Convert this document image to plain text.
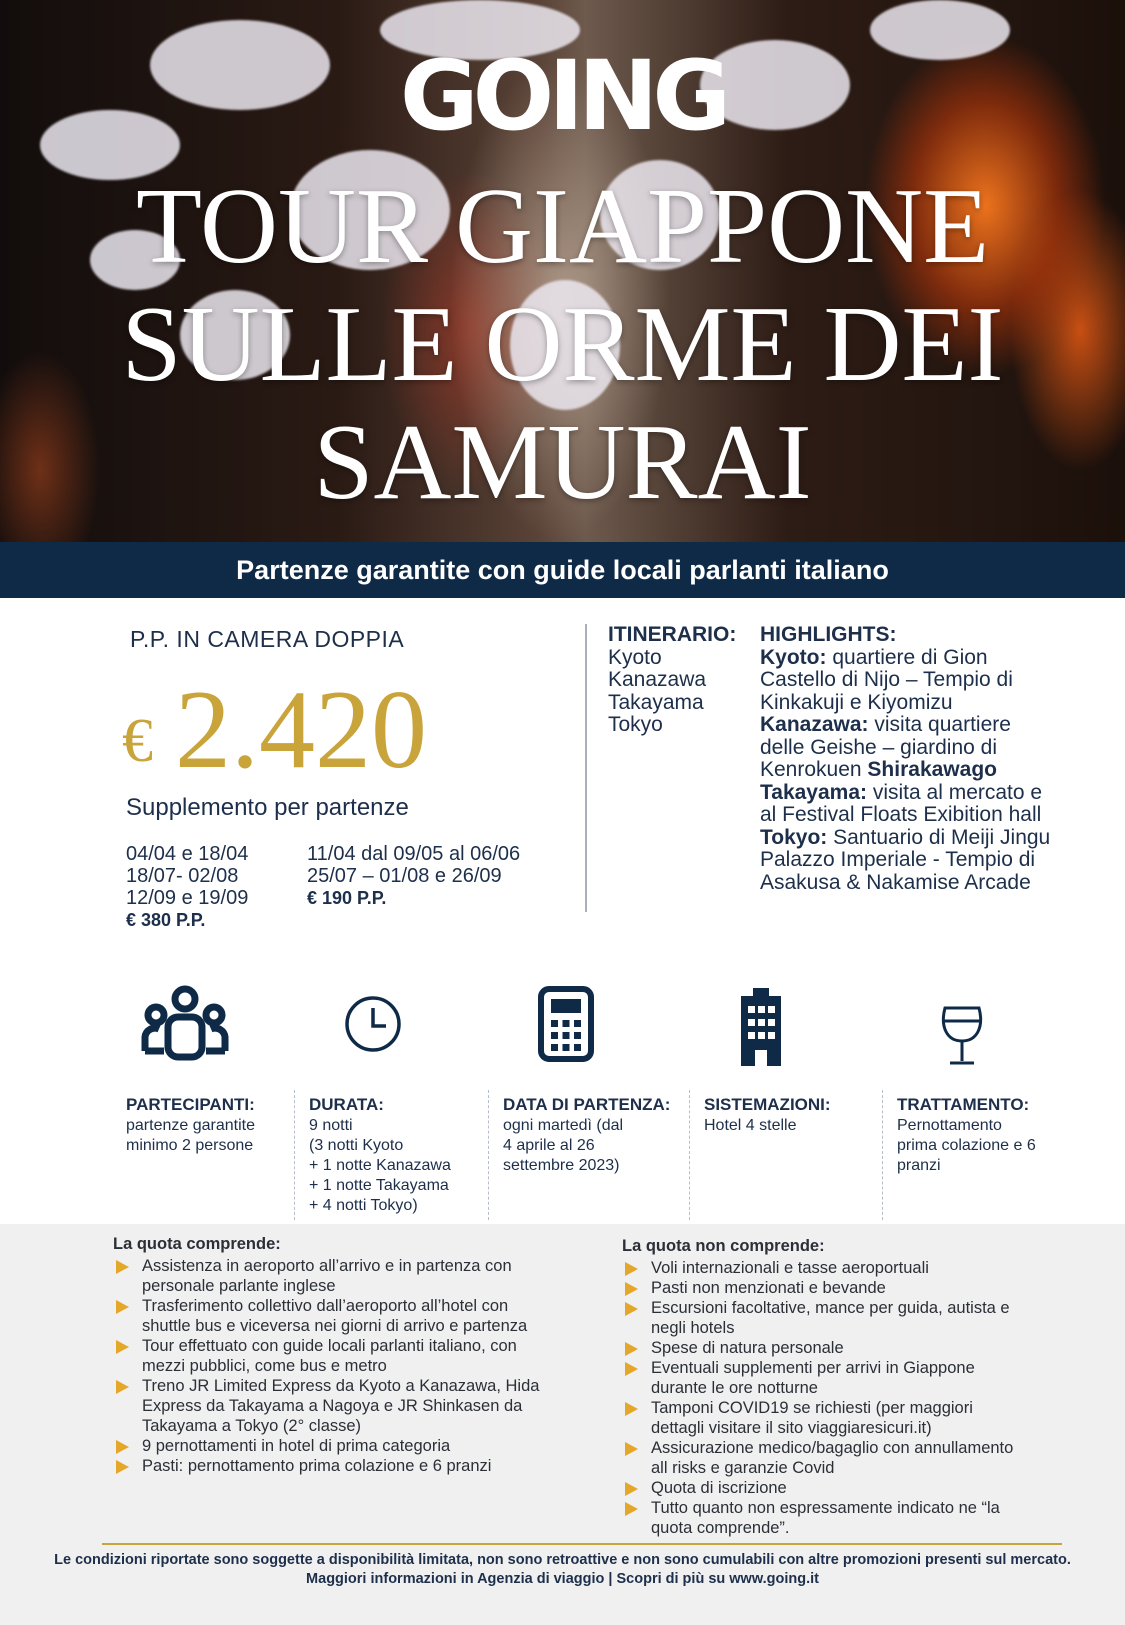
GOING
TOUR GIAPPONE
SULLE ORME DEI
SAMURAI
Partenze garantite con guide locali parlanti italiano
P.P. IN CAMERA DOPPIA
€ 2.420
Supplemento per partenze
04/04 e 18/04
18/07- 02/08
12/09 e 19/09
€ 380 P.P.
11/04 dal 09/05 al 06/06
25/07 – 01/08 e 26/09
€ 190 P.P.
ITINERARIO:
Kyoto
Kanazawa
Takayama
Tokyo
HIGHLIGHTS:
Kyoto: quartiere di Gion
Castello di Nijo – Tempio di
Kinkakuji e Kiyomizu
Kanazawa: visita quartiere
delle Geishe – giardino di
Kenrokuen Shirakawago
Takayama: visita al mercato e
al Festival Floats Exibition hall
Tokyo: Santuario di Meiji Jingu
Palazzo Imperiale - Tempio di
Asakusa & Nakamise Arcade
PARTECIPANTI:
partenze garantite
minimo 2 persone
DURATA:
9 notti
(3 notti Kyoto
+ 1 notte Kanazawa
+ 1 notte Takayama
+ 4 notti Tokyo)
DATA DI PARTENZA:
ogni martedì (dal
4 aprile al 26
settembre 2023)
SISTEMAZIONI:
Hotel 4 stelle
TRATTAMENTO:
Pernottamento
prima colazione e 6
pranzi
La quota comprende:
Assistenza in aeroporto all’arrivo e in partenza con
personale parlante inglese
Trasferimento collettivo dall’aeroporto all’hotel con
shuttle bus e viceversa nei giorni di arrivo e partenza
Tour effettuato con guide locali parlanti italiano, con
mezzi pubblici, come bus e metro
Treno JR Limited Express da Kyoto a Kanazawa, Hida
Express da Takayama a Nagoya e JR Shinkasen da
Takayama a Tokyo (2° classe)
9 pernottamenti in hotel di prima categoria
Pasti: pernottamento prima colazione e 6 pranzi
La quota non comprende:
Voli internazionali e tasse aeroportuali
Pasti non menzionati e bevande
Escursioni facoltative, mance per guida, autista e
negli hotels
Spese di natura personale
Eventuali supplementi per arrivi in Giappone
durante le ore notturne
Tamponi COVID19 se richiesti (per maggiori
dettagli visitare il sito viaggiaresicuri.it)
Assicurazione medico/bagaglio con annullamento
all risks e garanzie Covid
Quota di iscrizione
Tutto quanto non espressamente indicato ne “la
quota comprende”.
Le condizioni riportate sono soggette a disponibilità limitata, non sono retroattive e non sono cumulabili con altre promozioni presenti sul mercato.
Maggiori informazioni in Agenzia di viaggio | Scopri di più su www.going.it
